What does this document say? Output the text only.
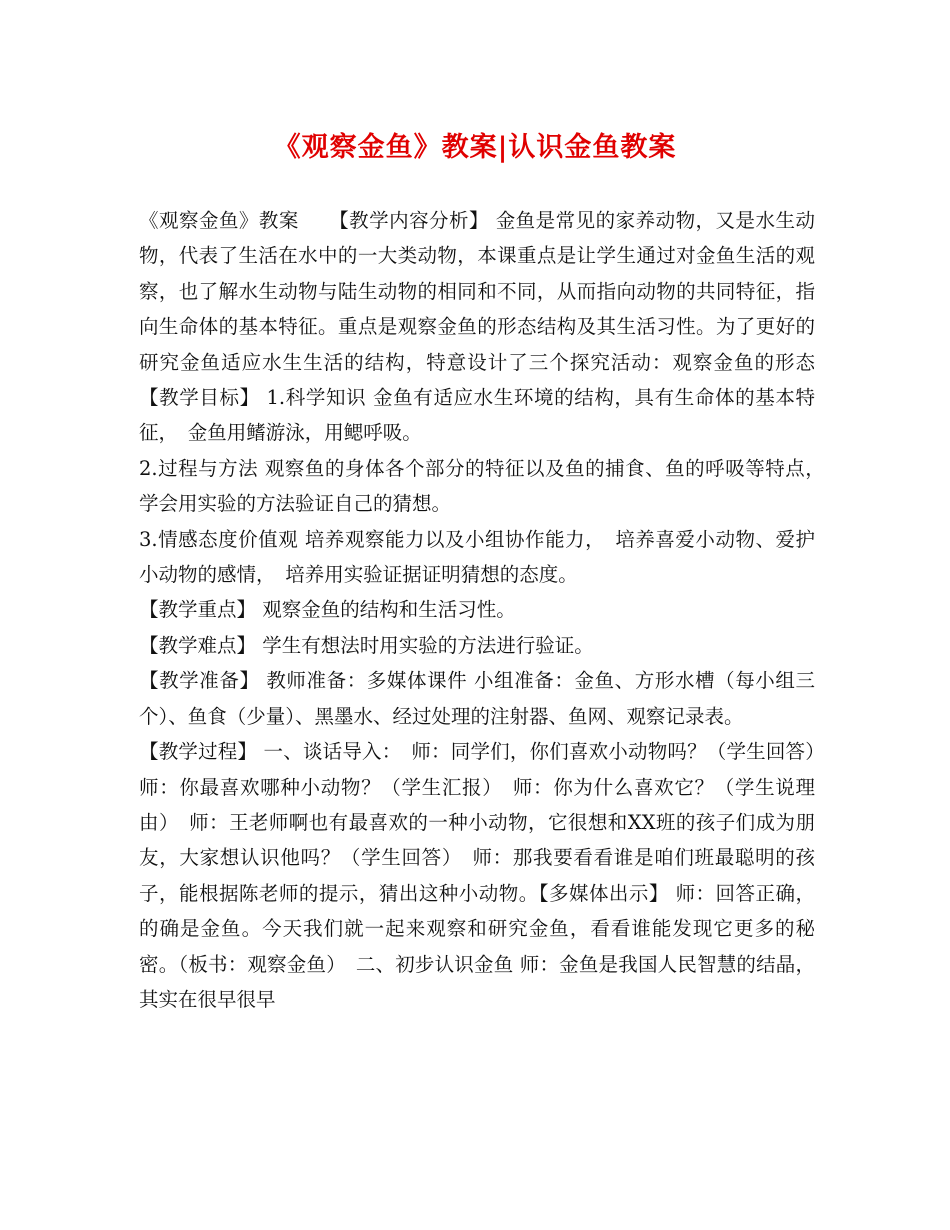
《观察金鱼》教案|认识金鱼教案

《观察金鱼》教案　　【教学内容分析】 金鱼是常见的家养动物，又是水生动物，代表了生活在水中的一大类动物，本课重点是让学生通过对金鱼生活的观察，也了解水生动物与陆生动物的相同和不同，从而指向动物的共同特征，指向生命体的基本特征。重点是观察金鱼的形态结构及其生活习性。为了更好的研究金鱼适应水生生活的结构，特意设计了三个探究活动：观察金鱼的形态　【教学目标】 1.科学知识 金鱼有适应水生环境的结构，具有生命体的基本特征，　金鱼用鳍游泳，用鳃呼吸。

2.过程与方法 观察鱼的身体各个部分的特征以及鱼的捕食、鱼的呼吸等特点，　学会用实验的方法验证自己的猜想。

3.情感态度价值观 培养观察能力以及小组协作能力，　培养喜爱小动物、爱护小动物的感情，　培养用实验证据证明猜想的态度。

【教学重点】 观察金鱼的结构和生活习性。

【教学难点】 学生有想法时用实验的方法进行验证。

【教学准备】 教师准备：多媒体课件 小组准备：金鱼、方形水槽（每小组三个）、鱼食（少量）、黑墨水、经过处理的注射器、鱼网、观察记录表。

【教学过程】 一、谈话导入：　师：同学们，你们喜欢小动物吗？（学生回答）　师：你最喜欢哪种小动物？（学生汇报）　师：你为什么喜欢它？（学生说理由）　师：王老师啊也有最喜欢的一种小动物，它很想和XX班的孩子们成为朋友，大家想认识他吗？（学生回答）　师：那我要看看谁是咱们班最聪明的孩子，能根据陈老师的提示，猜出这种小动物。【多媒体出示】 师：回答正确，的确是金鱼。今天我们就一起来观察和研究金鱼，看看谁能发现它更多的秘密。（板书：观察金鱼）　二、初步认识金鱼 师：金鱼是我国人民智慧的结晶，其实在很早很早
